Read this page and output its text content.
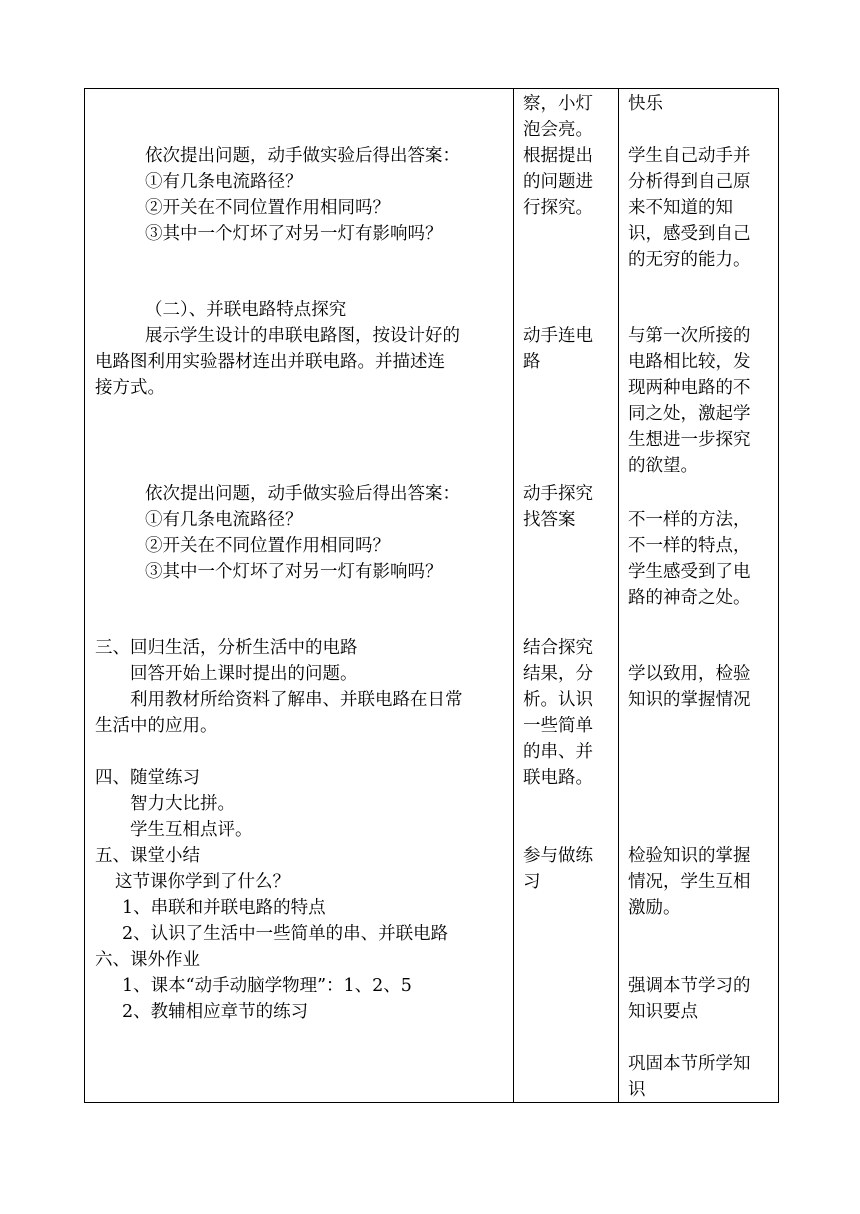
依次提出问题，动手做实验后得出答案：
①有几条电流路径？
②开关在不同位置作用相同吗？
③其中一个灯坏了对另一灯有影响吗？
（二）、并联电路特点探究
展示学生设计的串联电路图，按设计好的
电路图利用实验器材连出并联电路。并描述连
接方式。
依次提出问题，动手做实验后得出答案：
①有几条电流路径？
②开关在不同位置作用相同吗？
③其中一个灯坏了对另一灯有影响吗？
三、回归生活，分析生活中的电路
回答开始上课时提出的问题。
利用教材所给资料了解串、并联电路在日常
生活中的应用。
四、随堂练习
智力大比拼。
学生互相点评。
五、课堂小结
这节课你学到了什么？
1、串联和并联电路的特点
2、认识了生活中一些简单的串、并联电路
六、课外作业
1、课本“动手动脑学物理”：1、2、5
2、教辅相应章节的练习
察，小灯
泡会亮。
根据提出
的问题进
行探究。
动手连电
路
动手探究
找答案
结合探究
结果，分
析。认识
一些简单
的串、并
联电路。
参与做练
习
快乐
学生自己动手并
分析得到自己原
来不知道的知
识，感受到自己
的无穷的能力。
与第一次所接的
电路相比较，发
现两种电路的不
同之处，激起学
生想进一步探究
的欲望。
不一样的方法，
不一样的特点，
学生感受到了电
路的神奇之处。
学以致用，检验
知识的掌握情况
检验知识的掌握
情况，学生互相
激励。
强调本节学习的
知识要点
巩固本节所学知
识
